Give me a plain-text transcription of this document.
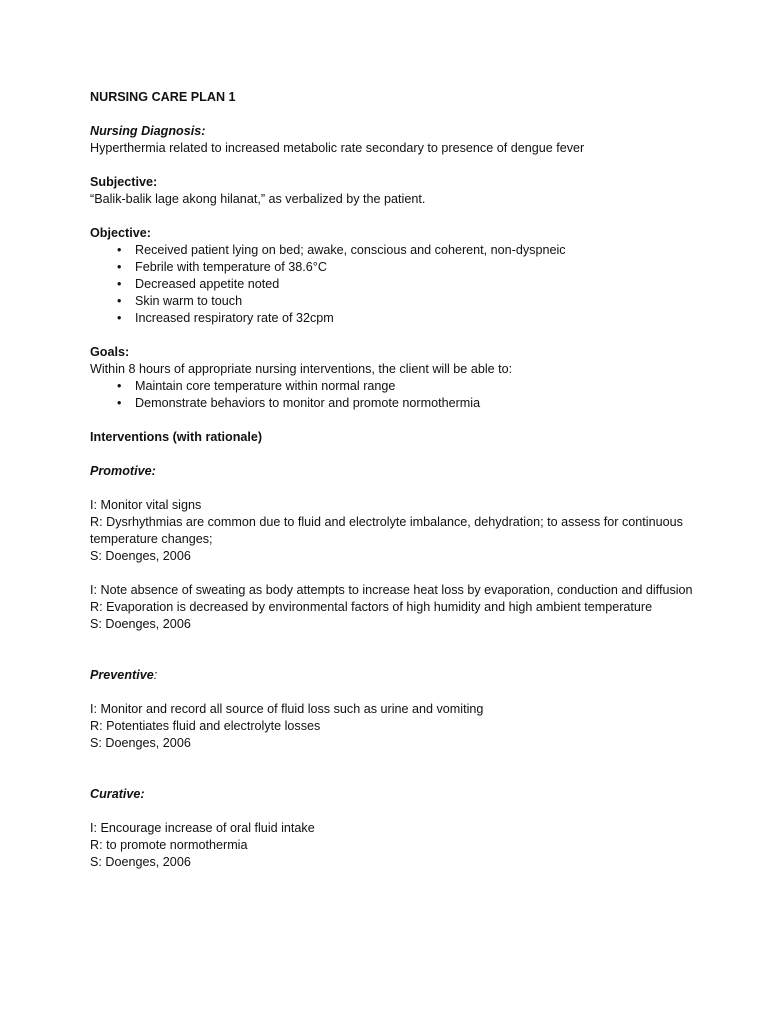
NURSING CARE PLAN 1

Nursing Diagnosis:

Hyperthermia related to increased metabolic rate secondary to presence of dengue fever

Subjective:

“Balik-balik lage akong hilanat,” as verbalized by the patient.

Objective:

• Received patient lying on bed; awake, conscious and coherent, non-dyspneic
• Febrile with temperature of 38.6°C
• Decreased appetite noted
• Skin warm to touch
• Increased respiratory rate of 32cpm

Goals:

Within 8 hours of appropriate nursing interventions, the client will be able to:

• Maintain core temperature within normal range
• Demonstrate behaviors to monitor and promote normothermia

Interventions (with rationale)

Promotive:

I: Monitor vital signs

R: Dysrhythmias are common due to fluid and electrolyte imbalance, dehydration; to assess for continuous temperature changes;

S: Doenges, 2006

I: Note absence of sweating as body attempts to increase heat loss by evaporation, conduction and diffusion

R: Evaporation is decreased by environmental factors of high humidity and high ambient temperature

S: Doenges, 2006

Preventive:

I: Monitor and record all source of fluid loss such as urine and vomiting

R: Potentiates fluid and electrolyte losses

S: Doenges, 2006

Curative:

I: Encourage increase of oral fluid intake

R: to promote normothermia

S: Doenges, 2006
